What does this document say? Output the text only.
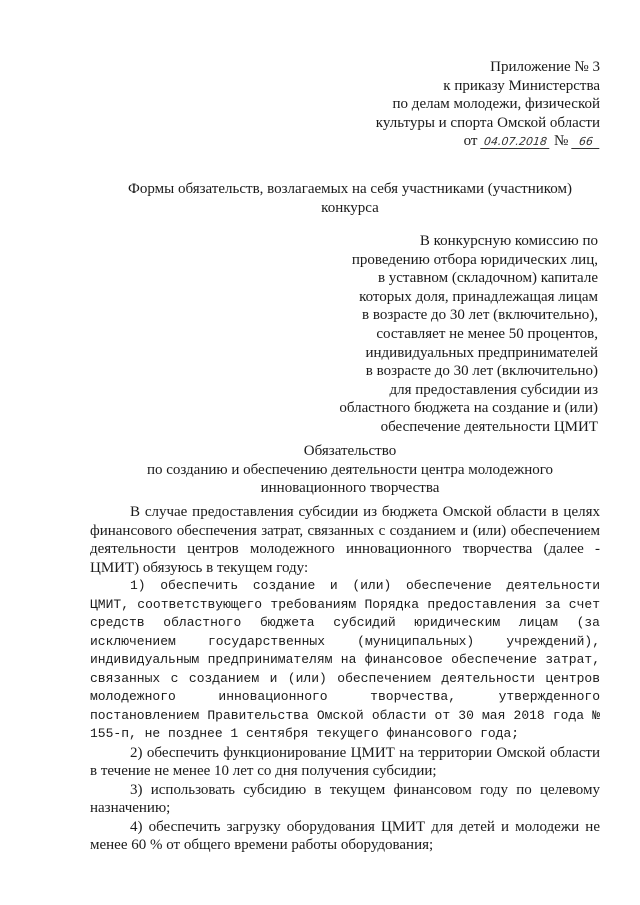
Приложение № 3
к приказу Министерства
по делам молодежи, физической
культуры и спорта Омской области
от 04.07.2018 № 66
Формы обязательств, возлагаемых на себя участниками (участником)
конкурса
В конкурсную комиссию по
проведению отбора юридических лиц,
в уставном (складочном) капитале
которых доля, принадлежащая лицам
в возрасте до 30 лет (включительно),
составляет не менее 50 процентов,
индивидуальных предпринимателей
в возрасте до 30 лет (включительно)
для предоставления субсидии из
областного бюджета на создание и (или)
обеспечение деятельности ЦМИТ
Обязательство
по созданию и обеспечению деятельности центра молодежного
инновационного творчества

В случае предоставления субсидии из бюджета Омской области в целях финансового обеспечения затрат, связанных с созданием и (или) обеспечением деятельности центров молодежного инновационного творчества (далее - ЦМИТ) обязуюсь в текущем году:

1) обеспечить создание и (или) обеспечение деятельности ЦМИТ, соответствующего требованиям Порядка предоставления за счет средств областного бюджета субсидий юридическим лицам (за исключением государственных (муниципальных) учреждений), индивидуальным предпринимателям на финансовое обеспечение затрат, связанных с созданием и (или) обеспечением деятельности центров молодежного инновационного творчества, утвержденного постановлением Правительства Омской области от 30 мая 2018 года № 155-п, не позднее 1 сентября текущего финансового года;

2) обеспечить функционирование ЦМИТ на территории Омской области в течение не менее 10 лет со дня получения субсидии;

3) использовать субсидию в текущем финансовом году по целевому назначению;

4) обеспечить загрузку оборудования ЦМИТ для детей и молодежи не менее 60 % от общего времени работы оборудования;
